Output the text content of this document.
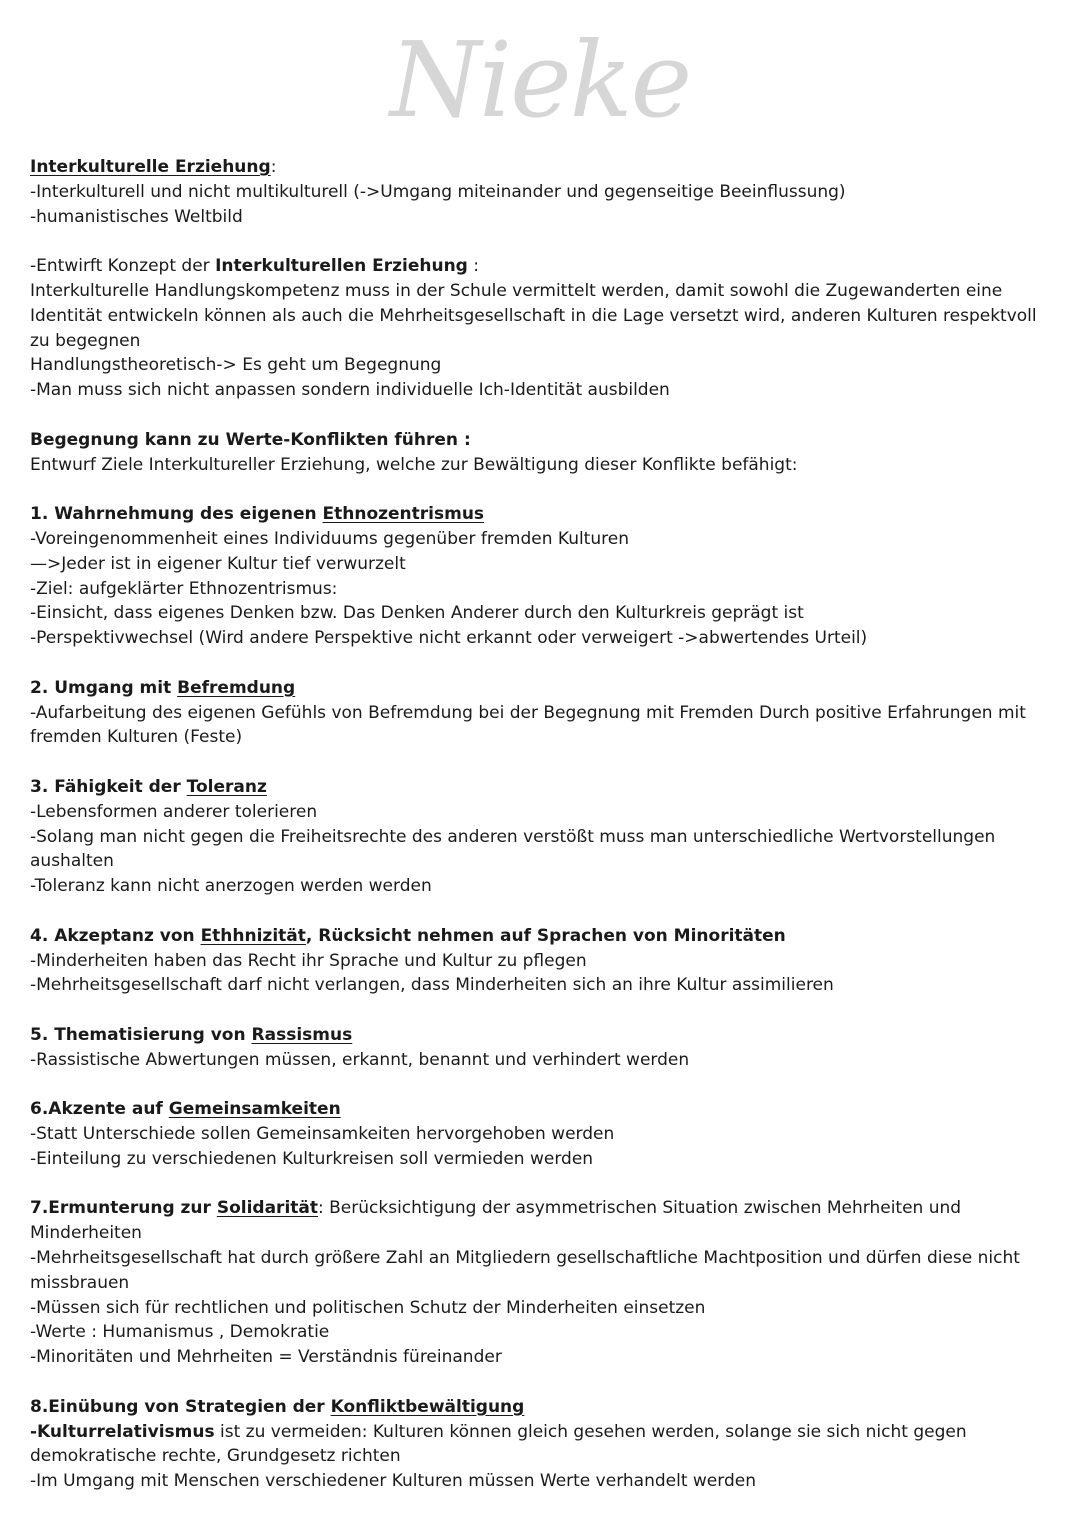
Nieke
Interkulturelle Erziehung:
-Interkulturell und nicht multikulturell (->Umgang miteinander und gegenseitige Beeinflussung)
-humanistisches Weltbild
-Entwirft Konzept der Interkulturellen Erziehung :
Interkulturelle Handlungskompetenz muss in der Schule vermittelt werden, damit sowohl die Zugewanderten eine Identität entwickeln können als auch die Mehrheitsgesellschaft in die Lage versetzt wird, anderen Kulturen respektvoll zu begegnen
Handlungstheoretisch-> Es geht um Begegnung
-Man muss sich nicht anpassen sondern individuelle Ich-Identität ausbilden
Begegnung kann zu Werte-Konflikten führen :
Entwurf Ziele Interkultureller Erziehung, welche zur Bewältigung dieser Konflikte befähigt:
1. Wahrnehmung des eigenen Ethnozentrismus
-Voreingenommenheit eines Individuums gegenüber fremden Kulturen
—>Jeder ist in eigener Kultur tief verwurzelt
-Ziel: aufgeklärter Ethnozentrismus:
-Einsicht, dass eigenes Denken bzw. Das Denken Anderer durch den Kulturkreis geprägt ist
-Perspektivwechsel (Wird andere Perspektive nicht erkannt oder verweigert ->abwertendes Urteil)
2. Umgang mit Befremdung
-Aufarbeitung des eigenen Gefühls von Befremdung bei der Begegnung mit Fremden Durch positive Erfahrungen mit fremden Kulturen (Feste)
3. Fähigkeit der Toleranz
-Lebensformen anderer tolerieren
-Solang man nicht gegen die Freiheitsrechte des anderen verstößt muss man unterschiedliche Wertvorstellungen aushalten
-Toleranz kann nicht anerzogen werden werden
4. Akzeptanz von Ethhnizität, Rücksicht nehmen auf Sprachen von Minoritäten
-Minderheiten haben das Recht ihr Sprache und Kultur zu pflegen
-Mehrheitsgesellschaft darf nicht verlangen, dass Minderheiten sich an ihre Kultur assimilieren
5. Thematisierung von Rassismus
-Rassistische Abwertungen müssen, erkannt, benannt und verhindert werden
6.Akzente auf Gemeinsamkeiten
-Statt Unterschiede sollen Gemeinsamkeiten hervorgehoben werden
-Einteilung zu verschiedenen Kulturkreisen soll vermieden werden
7.Ermunterung zur Solidarität: Berücksichtigung der asymmetrischen Situation zwischen Mehrheiten und Minderheiten
-Mehrheitsgesellschaft hat durch größere Zahl an Mitgliedern gesellschaftliche Machtposition und dürfen diese nicht missbrauen
-Müssen sich für rechtlichen und politischen Schutz der Minderheiten einsetzen
-Werte : Humanismus , Demokratie
-Minoritäten und Mehrheiten = Verständnis füreinander
8.Einübung von Strategien der Konfliktbewältigung
-Kulturrelativismus ist zu vermeiden: Kulturen können gleich gesehen werden, solange sie sich nicht gegen demokratische rechte, Grundgesetz richten
-Im Umgang mit Menschen verschiedener Kulturen müssen Werte verhandelt werden
